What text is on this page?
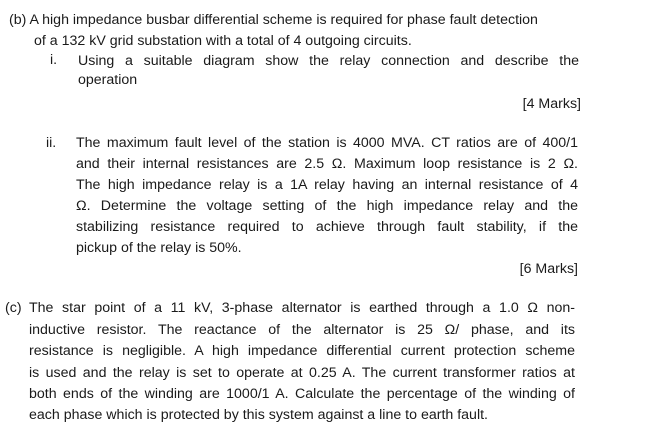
(b) A high impedance busbar differential scheme is required for phase fault detection
of a 132 kV grid substation with a total of 4 outgoing circuits.
i. Using a suitable diagram show the relay connection and describe the
operation
[4 Marks]
ii. The maximum fault level of the station is 4000 MVA. CT ratios are of 400/1
and their internal resistances are 2.5 Ω. Maximum loop resistance is 2 Ω.
The high impedance relay is a 1A relay having an internal resistance of 4
Ω. Determine the voltage setting of the high impedance relay and the
stabilizing resistance required to achieve through fault stability, if the
pickup of the relay is 50%.
[6 Marks]
(c) The star point of a 11 kV, 3-phase alternator is earthed through a 1.0 Ω non-
inductive resistor. The reactance of the alternator is 25 Ω/ phase, and its
resistance is negligible. A high impedance differential current protection scheme
is used and the relay is set to operate at 0.25 A. The current transformer ratios at
both ends of the winding are 1000/1 A. Calculate the percentage of the winding of
each phase which is protected by this system against a line to earth fault.
